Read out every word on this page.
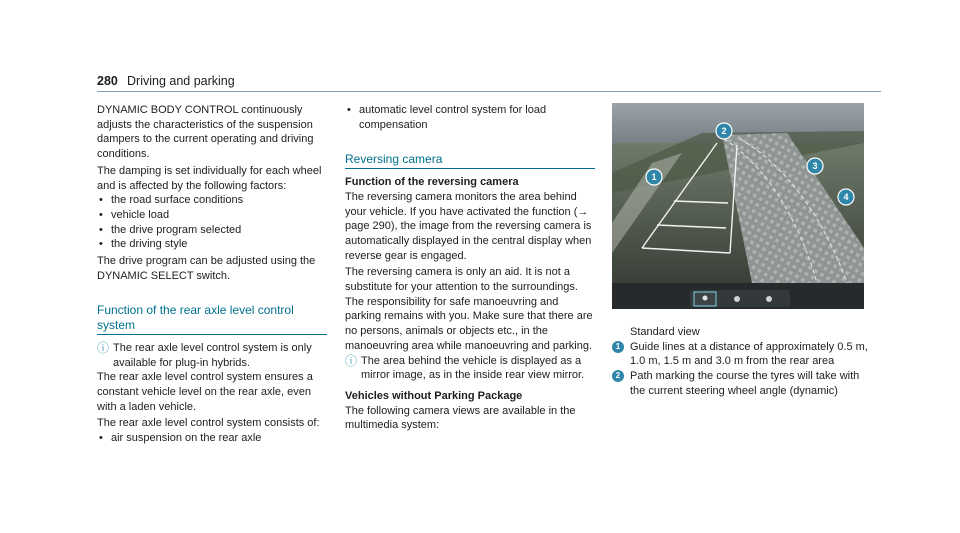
280 Driving and parking

DYNAMIC BODY CONTROL continuously adjusts the characteristics of the suspension dampers to the current operating and driving conditions.

The damping is set individually for each wheel and is affected by the following factors:

• the road surface conditions
• vehicle load
• the drive program selected
• the driving style

The drive program can be adjusted using the DYNAMIC SELECT switch.

Function of the rear axle level control system
ⓘ The rear axle level control system is only available for plug-in hybrids.

The rear axle level control system ensures a constant vehicle level on the rear axle, even with a laden vehicle.

The rear axle level control system consists of:

• air suspension on the rear axle
• automatic level control system for load compensation
Reversing camera
Function of the reversing camera

The reversing camera monitors the area behind your vehicle. If you have activated the function (→ page 290), the image from the reversing camera is automatically displayed in the central display when reverse gear is engaged.

The reversing camera is only an aid. It is not a substitute for your attention to the surroundings. The responsibility for safe manoeuvring and parking remains with you. Make sure that there are no persons, animals or objects etc., in the manoeuvring area while manoeuvring and parking.

ⓘ The area behind the vehicle is displayed as a mirror image, as in the inside rear view mirror.
Vehicles without Parking Package

The following camera views are available in the multimedia system:

1
2
3
4
Standard view
1 Guide lines at a distance of approximately 0.5 m, 1.0 m, 1.5 m and 3.0 m from the rear area
2 Path marking the course the tyres will take with the current steering wheel angle (dynamic)
